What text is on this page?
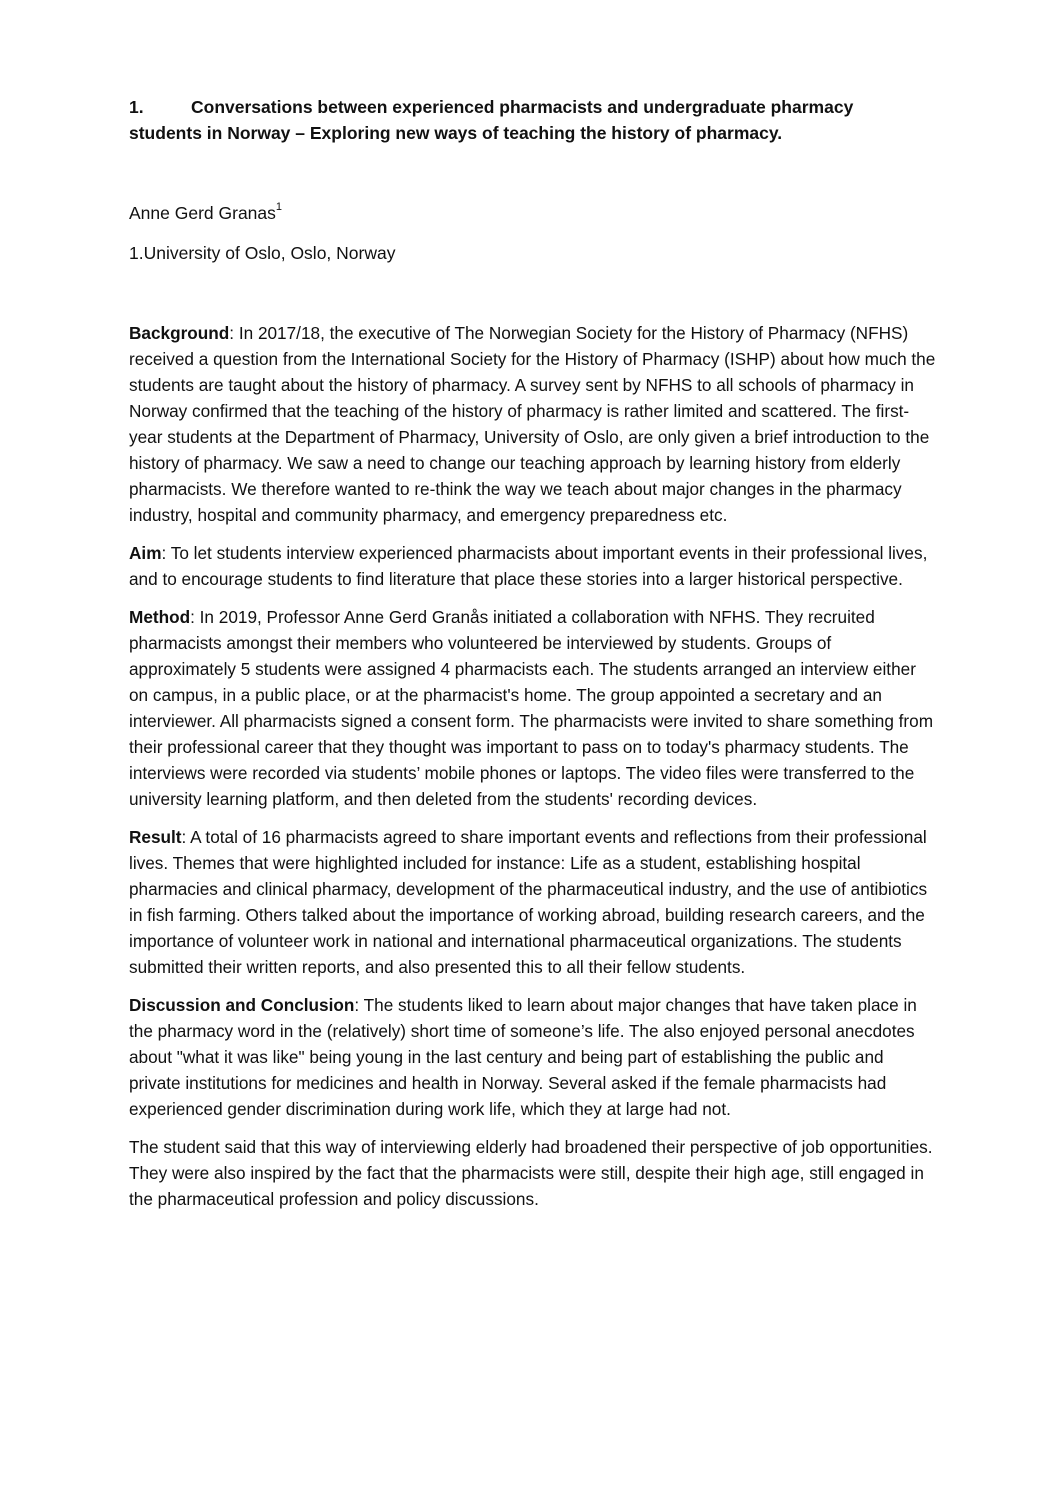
1.	Conversations between experienced pharmacists and undergraduate pharmacy students in Norway – Exploring new ways of teaching the history of pharmacy.

Anne Gerd Granas$^1$

1.University of Oslo, Oslo, Norway

Background: In 2017/18, the executive of The Norwegian Society for the History of Pharmacy (NFHS) received a question from the International Society for the History of Pharmacy (ISHP) about how much the students are taught about the history of pharmacy. A survey sent by NFHS to all schools of pharmacy in Norway confirmed that the teaching of the history of pharmacy is rather limited and scattered. The first-year students at the Department of Pharmacy, University of Oslo, are only given a brief introduction to the history of pharmacy. We saw a need to change our teaching approach by learning history from elderly pharmacists. We therefore wanted to re-think the way we teach about major changes in the pharmacy industry, hospital and community pharmacy, and emergency preparedness etc.

Aim: To let students interview experienced pharmacists about important events in their professional lives, and to encourage students to find literature that place these stories into a larger historical perspective.

Method: In 2019, Professor Anne Gerd Granås initiated a collaboration with NFHS. They recruited pharmacists amongst their members who volunteered be interviewed by students. Groups of approximately 5 students were assigned 4 pharmacists each. The students arranged an interview either on campus, in a public place, or at the pharmacist's home. The group appointed a secretary and an interviewer. All pharmacists signed a consent form. The pharmacists were invited to share something from their professional career that they thought was important to pass on to today's pharmacy students. The interviews were recorded via students’ mobile phones or laptops. The video files were transferred to the university learning platform, and then deleted from the students' recording devices.

Result: A total of 16 pharmacists agreed to share important events and reflections from their professional lives. Themes that were highlighted included for instance: Life as a student, establishing hospital pharmacies and clinical pharmacy, development of the pharmaceutical industry, and the use of antibiotics in fish farming. Others talked about the importance of working abroad, building research careers, and the importance of volunteer work in national and international pharmaceutical organizations. The students submitted their written reports, and also presented this to all their fellow students.

Discussion and Conclusion: The students liked to learn about major changes that have taken place in the pharmacy word in the (relatively) short time of someone’s life. The also enjoyed personal anecdotes about "what it was like" being young in the last century and being part of establishing the public and private institutions for medicines and health in Norway. Several asked if the female pharmacists had experienced gender discrimination during work life, which they at large had not.

The student said that this way of interviewing elderly had broadened their perspective of job opportunities. They were also inspired by the fact that the pharmacists were still, despite their high age, still engaged in the pharmaceutical profession and policy discussions.
